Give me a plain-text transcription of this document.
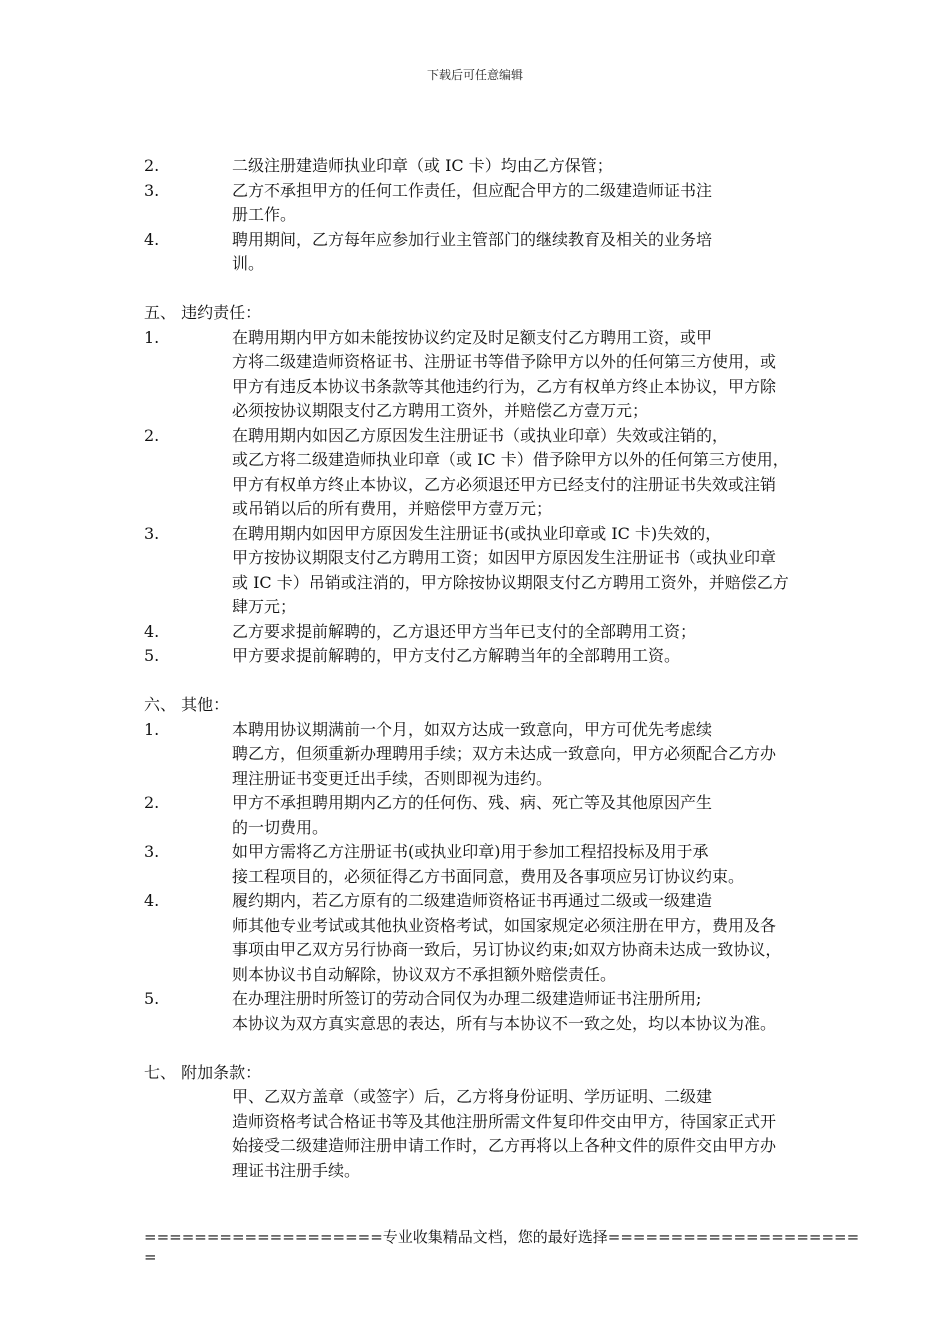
下载后可任意编辑
2.	二级注册建造师执业印章（或 IC 卡）均由乙方保管；
3.	乙方不承担甲方的任何工作责任，但应配合甲方的二级建造师证书注
册工作。
4.	聘用期间，乙方每年应参加行业主管部门的继续教育及相关的业务培
训。
五、 违约责任：
1.	在聘用期内甲方如未能按协议约定及时足额支付乙方聘用工资，或甲
方将二级建造师资格证书、注册证书等借予除甲方以外的任何第三方使用，或
甲方有违反本协议书条款等其他违约行为，乙方有权单方终止本协议，甲方除
必须按协议期限支付乙方聘用工资外，并赔偿乙方壹万元；
2.	在聘用期内如因乙方原因发生注册证书（或执业印章）失效或注销的，
或乙方将二级建造师执业印章（或 IC 卡）借予除甲方以外的任何第三方使用，
甲方有权单方终止本协议，乙方必须退还甲方已经支付的注册证书失效或注销
或吊销以后的所有费用，并赔偿甲方壹万元；
3.	在聘用期内如因甲方原因发生注册证书(或执业印章或 IC 卡)失效的，
甲方按协议期限支付乙方聘用工资；如因甲方原因发生注册证书（或执业印章
或 IC 卡）吊销或注消的，甲方除按协议期限支付乙方聘用工资外，并赔偿乙方
肆万元；
4.	乙方要求提前解聘的，乙方退还甲方当年已支付的全部聘用工资；
5.	甲方要求提前解聘的，甲方支付乙方解聘当年的全部聘用工资。
六、 其他：
1.	本聘用协议期满前一个月，如双方达成一致意向，甲方可优先考虑续
聘乙方，但须重新办理聘用手续；双方未达成一致意向，甲方必须配合乙方办
理注册证书变更迁出手续，否则即视为违约。
2.	甲方不承担聘用期内乙方的任何伤、残、病、死亡等及其他原因产生
的一切费用。
3.	如甲方需将乙方注册证书(或执业印章)用于参加工程招投标及用于承
接工程项目的，必须征得乙方书面同意，费用及各事项应另订协议约束。
4.	履约期内，若乙方原有的二级建造师资格证书再通过二级或一级建造
师其他专业考试或其他执业资格考试，如国家规定必须注册在甲方，费用及各
事项由甲乙双方另行协商一致后，另订协议约束;如双方协商未达成一致协议，
则本协议书自动解除，协议双方不承担额外赔偿责任。
5.	在办理注册时所签订的劳动合同仅为办理二级建造师证书注册所用;
本协议为双方真实意思的表达，所有与本协议不一致之处，均以本协议为准。
七、 附加条款：
甲、乙双方盖章（或签字）后，乙方将身份证明、学历证明、二级建
造师资格考试合格证书等及其他注册所需文件复印件交由甲方，待国家正式开
始接受二级建造师注册申请工作时，乙方再将以上各种文件的原件交由甲方办
理证书注册手续。
===================专业收集精品文档，您的最好选择====================
=
